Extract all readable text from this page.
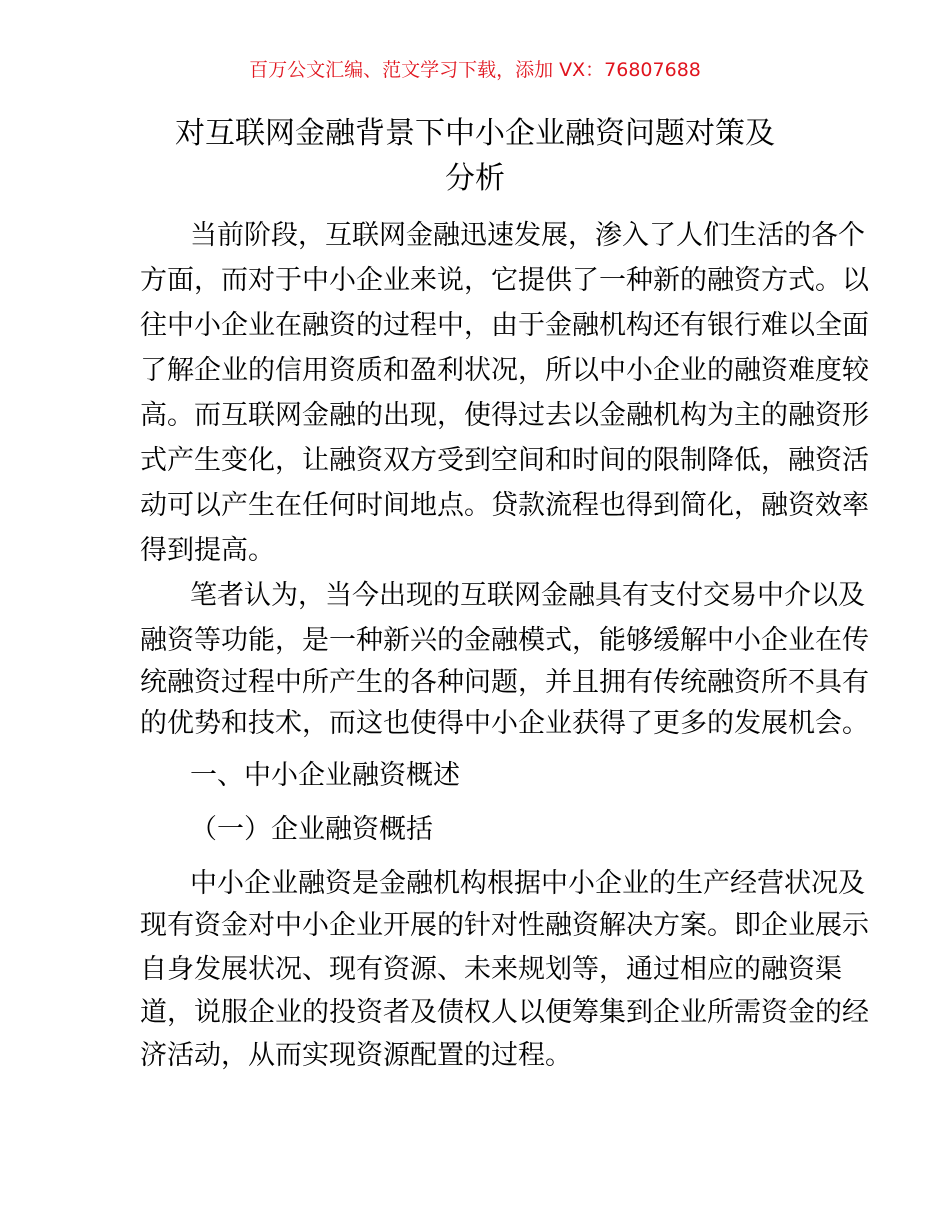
百万公文汇编、范文学习下载，添加 VX：76807688
对互联网金融背景下中小企业融资问题对策及
分析
当前阶段，互联网金融迅速发展，渗入了人们生活的各个
方面，而对于中小企业来说，它提供了一种新的融资方式。以
往中小企业在融资的过程中，由于金融机构还有银行难以全面
了解企业的信用资质和盈利状况，所以中小企业的融资难度较
高。而互联网金融的出现，使得过去以金融机构为主的融资形
式产生变化，让融资双方受到空间和时间的限制降低，融资活
动可以产生在任何时间地点。贷款流程也得到简化，融资效率
得到提高。
笔者认为，当今出现的互联网金融具有支付交易中介以及
融资等功能，是一种新兴的金融模式，能够缓解中小企业在传
统融资过程中所产生的各种问题，并且拥有传统融资所不具有
的优势和技术，而这也使得中小企业获得了更多的发展机会。
一、中小企业融资概述
（一）企业融资概括
中小企业融资是金融机构根据中小企业的生产经营状况及
现有资金对中小企业开展的针对性融资解决方案。即企业展示
自身发展状况、现有资源、未来规划等，通过相应的融资渠
道，说服企业的投资者及债权人以便筹集到企业所需资金的经
济活动，从而实现资源配置的过程。
